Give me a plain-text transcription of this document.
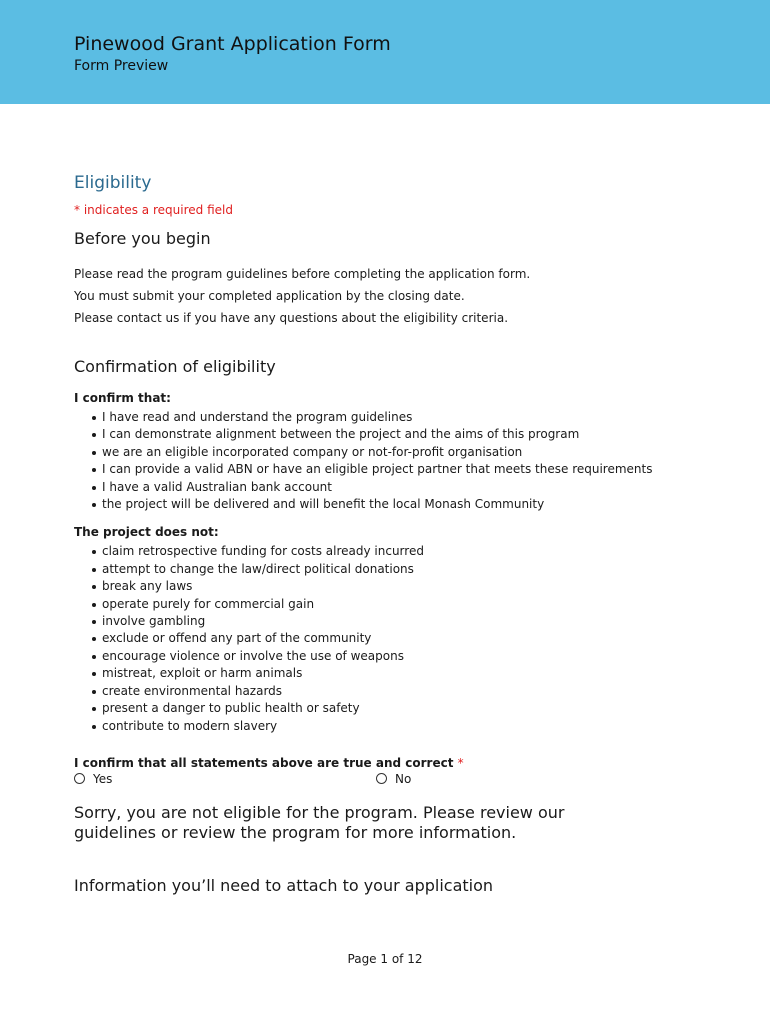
Pinewood Grant Application Form
Form Preview
Eligibility
* indicates a required field
Before you begin
Please read the program guidelines before completing the application form.
You must submit your completed application by the closing date.
Please contact us if you have any questions about the eligibility criteria.
Confirmation of eligibility
I confirm that:
I have read and understand the program guidelines
I can demonstrate alignment between the project and the aims of this program
we are an eligible incorporated company or not-for-profit organisation
I can provide a valid ABN or have an eligible project partner that meets these requirements
I have a valid Australian bank account
the project will be delivered and will benefit the local Monash Community
The project does not:
claim retrospective funding for costs already incurred
attempt to change the law/direct political donations
break any laws
operate purely for commercial gain
involve gambling
exclude or offend any part of the community
encourage violence or involve the use of weapons
mistreat, exploit or harm animals
create environmental hazards
present a danger to public health or safety
contribute to modern slavery
I confirm that all statements above are true and correct *
Yes	No
Sorry, you are not eligible for the program. Please review our guidelines or review the program for more information.
Information you’ll need to attach to your application
Page 1 of 12
